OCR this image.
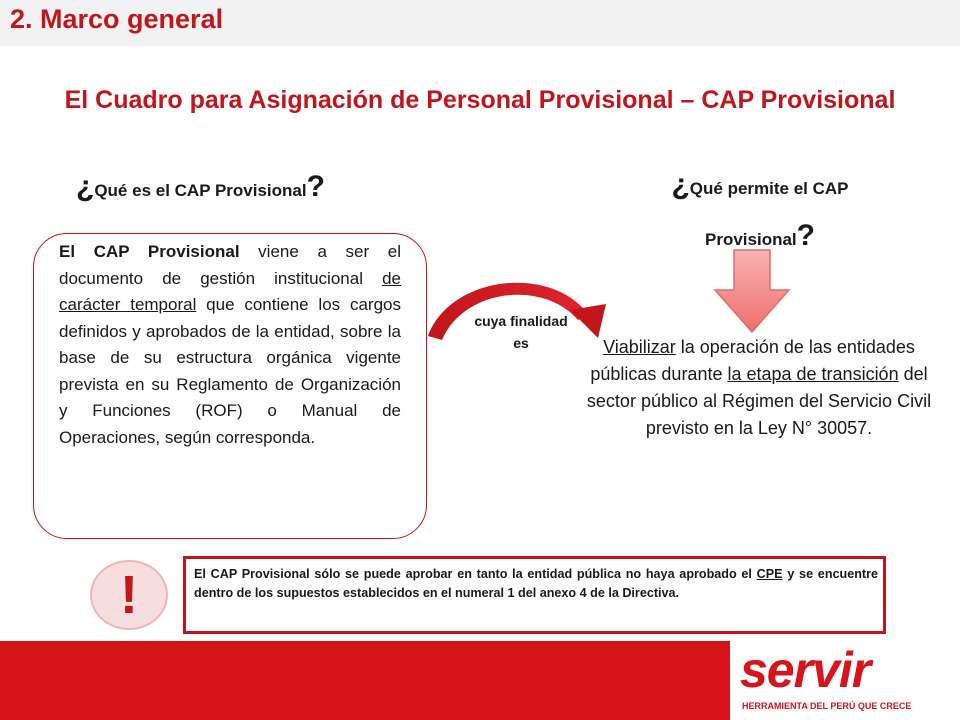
2. Marco general
El Cuadro para Asignación de Personal Provisional – CAP Provisional
¿Qué es el CAP Provisional?	¿Qué permite el CAP
Provisional?
El CAP Provisional viene a ser el documento de gestión institucional de carácter temporal que contiene los cargos definidos y aprobados de la entidad, sobre la base de su estructura orgánica vigente prevista en su Reglamento de Organización y Funciones (ROF) o Manual de Operaciones, según corresponda.
cuya finalidad
es	Viabilizar la operación de las entidades públicas durante la etapa de transición del sector público al Régimen del Servicio Civil previsto en la Ley N° 30057.
!	El CAP Provisional sólo se puede aprobar en tanto la entidad pública no haya aprobado el CPE y se encuentre dentro de los supuestos establecidos en el numeral 1 del anexo 4 de la Directiva.
servir
HERRAMIENTA DEL PERÚ QUE CRECE
